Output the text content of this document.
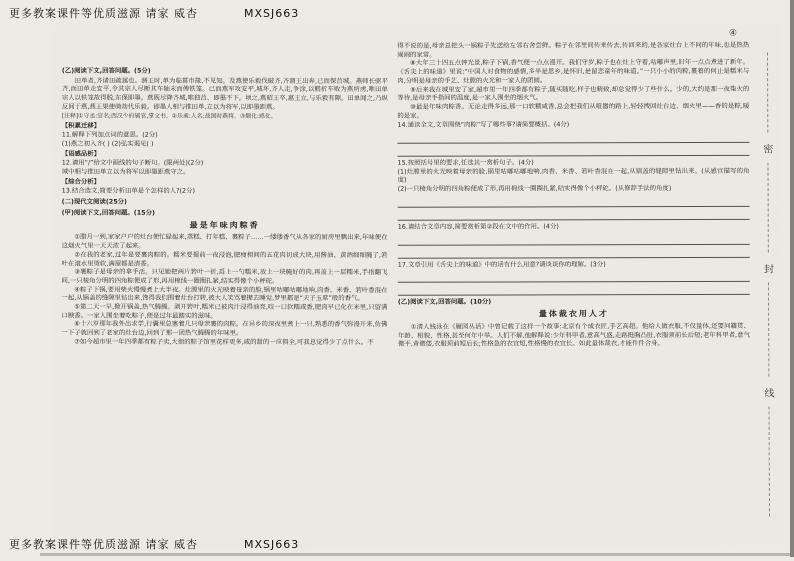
更多教案课件等优质滋源 请家 威杏	MXSJ663
④
(乙)阅读下文,回答问题。(5分)
田单者,齐诸田疏属也。湣王时,单为临菑市掾,不见知。及燕使乐毅伐破齐,齐湣王出奔,已而保莒城。燕师长驱平齐,而田单走安平,令其宗人尽断其车轴末而傅铁笼。已而燕军攻安平,城坏,齐人走,争涂,以轊折车败为燕所虏,唯田单宗人以铁笼故得脱,东保即墨。燕既尽降齐城,唯独莒、即墨不下。顷之,燕昭王卒,惠王立,与乐毅有隙。田单闻之,乃纵反间于燕,燕王果使骑劫代乐毅。即墨人相与推田单,立以为将军,以即墨距燕。
[注释]①守丞:官名;西汉少府属官,掌文书。②乐乘:人名;战国时燕将。③燬化:感化。
【积累迁移】
11.解释下列加点词的意思。(2分)
(1)燕之初入齐( ) (2)弘实谒见( )
【语感品析】
12.请用“/”给文中画线的句子断句。(限两处)(2分)
城中相与推田单立以为将军以即墨距燕守之。
【综合分析】
13.结合选文,简要分析田单是个怎样的人?(2分)
(二)现代文阅读(25分)
(甲)阅读下文,回答问题。(15分)
最是年味肉粽香
①腊月一到,家家户户的灶台便忙碌起来,蒸糕、打年糕、裹粽子……一缕缕香气从各家的厨房里飘出来,年味便在这烟火气里一天天浓了起来。
②在我的老家,过年是要裹肉粽的。糯米要提前一夜浸泡,肥瘦相间的五花肉切成大块,用酱油、黄酒细细腌了,箬叶在滚水里烫软,满屋都是清香。
③裹粽子是母亲的拿手活。只见她把两片箬叶一折,舀上一勺糯米,放上一块腌好的肉,再盖上一层糯米,手指翻飞间,一只棱角分明的四角粽便成了形,再用棉线一圈圈扎紧,结实得像个小秤砣。
④粽子下锅,要用柴火慢慢煮上大半夜。灶膛里的火光映着母亲的脸,锅里咕嘟咕嘟地响,肉香、米香、箬叶香混在一起,从锅盖的缝隙里钻出来,馋得我们围着灶台打转,被大人笑骂着撵去睡觉,梦里都是“天子玉席”般的香气。
⑤第二天一早,掀开锅盖,热气腾腾。剥开箬叶,糯米已被肉汁浸得油亮,咬一口软糯咸香,肥肉早已化在米里,只留满口腴香。一家人围坐着吃粽子,便是过年最踏实的滋味。
⑥十六岁那年我外出求学,行囊里总塞着几只母亲裹的肉粽。在异乡的深夜里煮上一只,熟悉的香气弥漫开来,仿佛一下子就回到了老家的灶台边,回到了那一团热气腾腾的年味里。
⑦如今超市里一年四季都有粽子卖,大街的粽子馆里花样更多,咸的甜的一应俱全,可我总觉得少了点什么。不
得不说的是,母亲总把头一锅粽子先送给左邻右舍尝鲜。粽子在邻里间传来传去,传回来的,是各家灶台上不同的年味,也是热热闹闹的家常。
⑧大年三十四五点钟光景,粽子下锅,香气便一点点漫开。我们守岁,粽子也在灶上守着,咕嘟声里,旧年一点点煮进了新年。《舌尖上的味道》里说:“中国人对食物的感情,多半是思乡,是怀旧,是留恋童年的味道。”一只小小的肉粽,裹着的何止是糯米与肉,分明是母亲的手艺、灶膛的火光和一家人的团圆。
⑨后来我在城里安了家,超市里一年四季都有粽子,随买随吃,样子也精致,却总觉得少了些什么。少的,大约是那一夜柴火的等待,是母亲手指间的温度,是一家人围坐的烟火气。
⑩最是年味肉粽香。无论走得多远,那一口软糯咸香,总会把我们从喧嚣的路上,轻轻拽回灶台边、烟火里——香的是粽,暖的是家。
14.通读全文,文章围绕“肉粽”写了哪些事?请简要概括。(4分)
15.按照括号里的要求,任选其一赏析句子。(4分)
(1)灶膛里的火光映着母亲的脸,锅里咕嘟咕嘟地响,肉香、米香、箬叶香混在一起,从锅盖的缝隙里钻出来。(从感官描写的角度)
(2)一只棱角分明的四角粽便成了形,再用棉线一圈圈扎紧,结实得像个小秤砣。(从修辞手法的角度)
16.请结合文章内容,简要赏析第②段在文中的作用。(4分)
17.文章引用《舌尖上的味道》中的话有什么用意?请谈谈你的理解。(3分)
(乙)阅读下文,回答问题。(10分)
量体裁衣用人才
①清人钱泳在《履园丛话》中曾记载了这样一个故事:北京有个成衣匠,手艺高超。他给人做衣服,不仅量体,还要问籍贯、年龄、相貌、性格,甚至何年中举。人们不解,他解释说:少年科甲者,意高气盛,走路挺胸凸肚,衣服须前长后短;老年科甲者,意气微平,背微偻,衣服须前短后长;性格急的衣宜短,性格慢的衣宜长。如此量体裁衣,才能件件合身。
密
封
线
更多教案课件等优质滋源 请家 威杏	MXSJ663
